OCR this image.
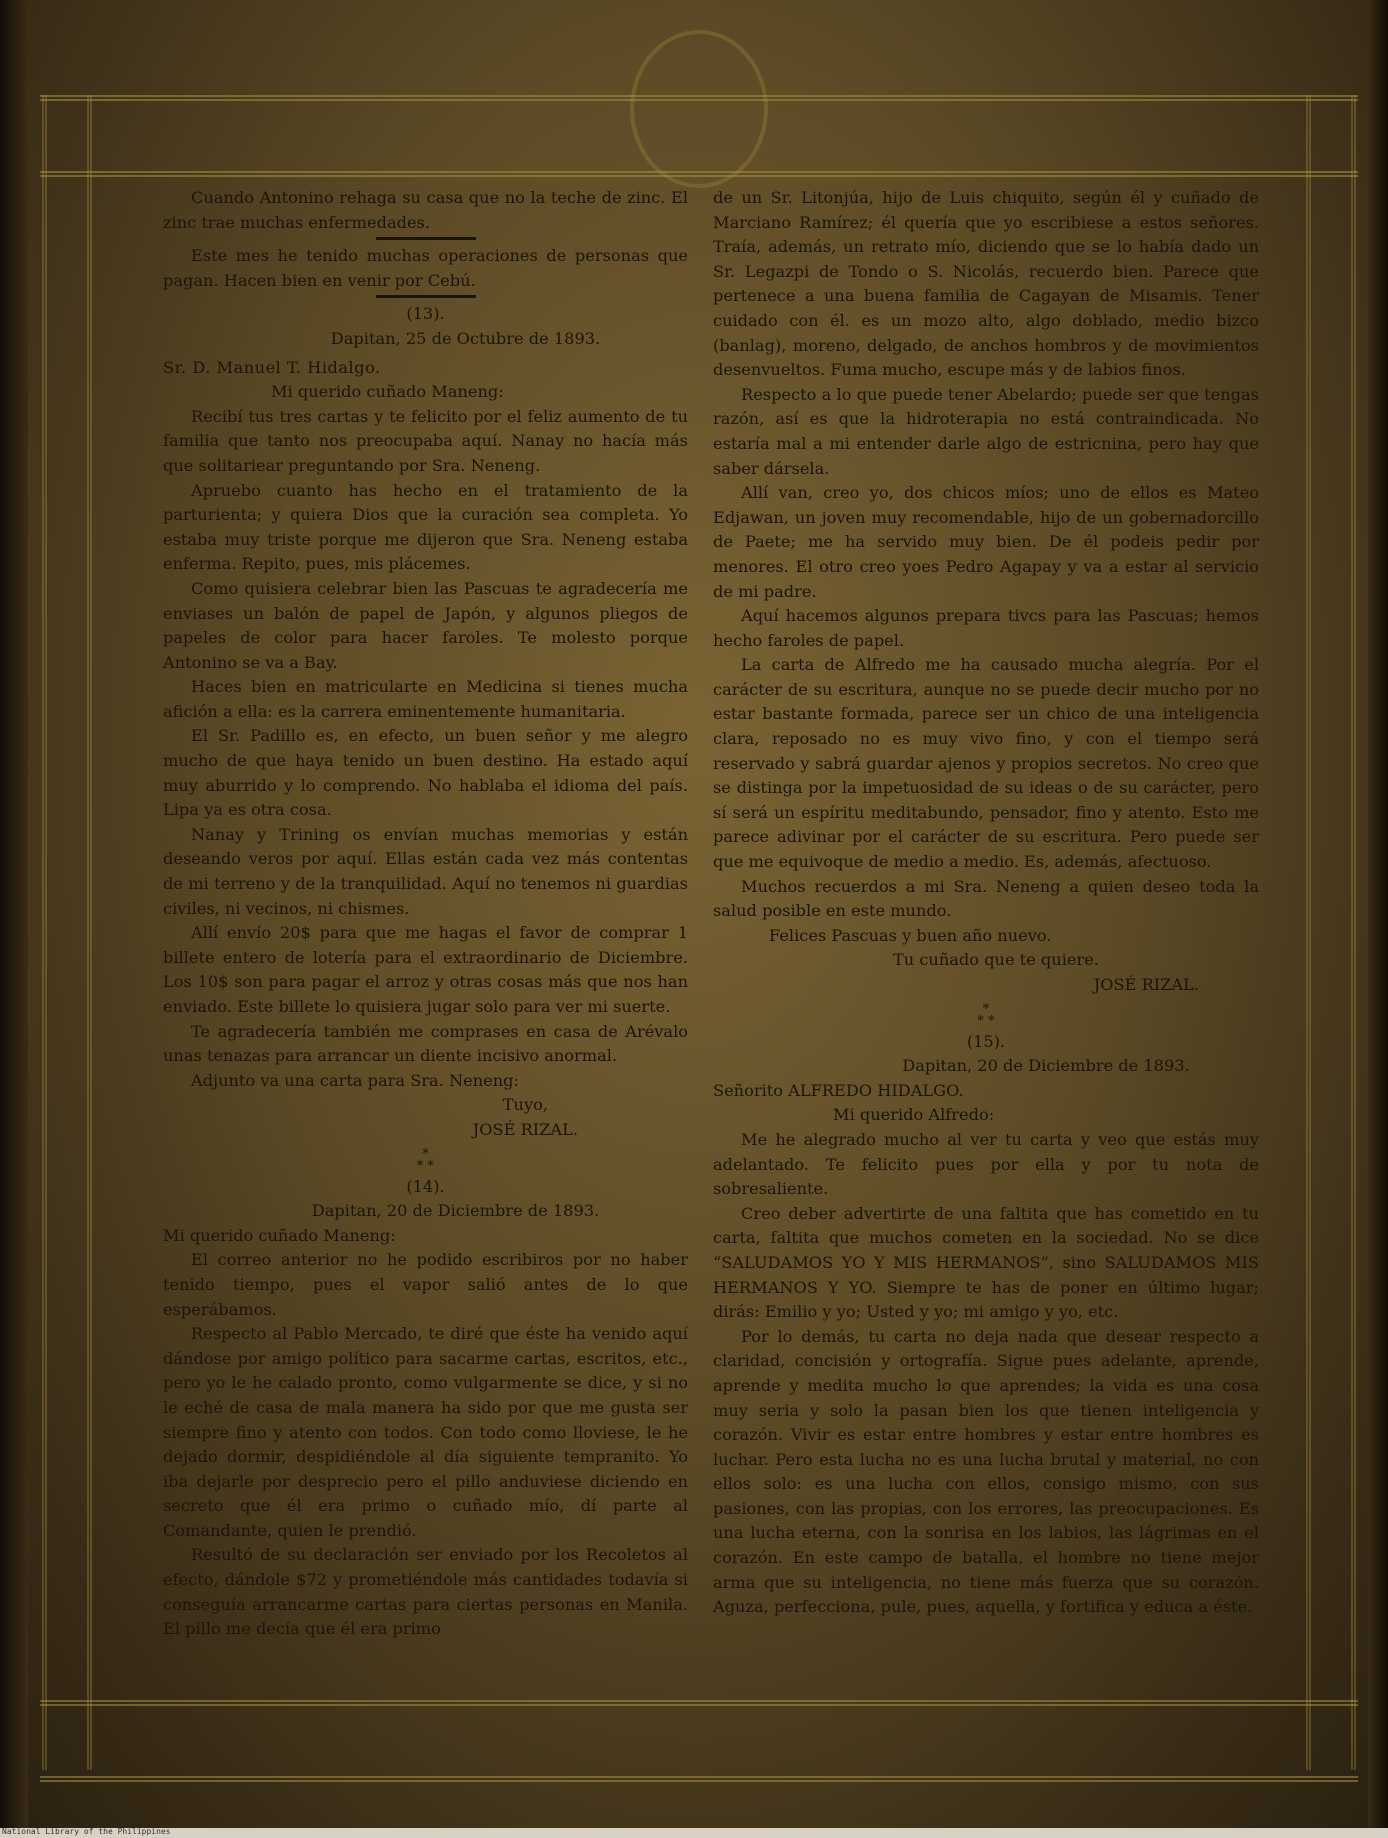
Cuando Antonino rehaga su casa que no la teche de zinc. El zinc trae muchas enfermedades.

Este mes he tenido muchas operaciones de personas que pagan. Hacen bien en venir por Cebú.

(13).

Dapitan, 25 de Octubre de 1893.

Sr. D. Manuel T. Hidalgo.

Mi querido cuñado Maneng:

Recibí tus tres cartas y te felicito por el feliz aumento de tu familia que tanto nos preocupaba aquí. Nanay no hacía más que solitariear preguntando por Sra. Neneng.

Apruebo cuanto has hecho en el tratamiento de la parturienta; y quiera Dios que la curación sea completa. Yo estaba muy triste porque me dijeron que Sra. Neneng estaba enferma. Repito, pues, mis plácemes.

Como quisiera celebrar bien las Pascuas te agradecería me enviases un balón de papel de Japón, y algunos pliegos de papeles de color para hacer faroles. Te molesto porque Antonino se va a Bay.

Haces bien en matricularte en Medicina si tienes mucha afición a ella: es la carrera eminentemente humanitaria.

El Sr. Padillo es, en efecto, un buen señor y me alegro mucho de que haya tenido un buen destino. Ha estado aquí muy aburrido y lo comprendo. No hablaba el idioma del país. Lipa ya es otra cosa.

Nanay y Trining os envían muchas memorias y están deseando veros por aquí. Ellas están cada vez más contentas de mi terreno y de la tranquilidad. Aquí no tenemos ni guardias civiles, ni vecinos, ni chismes.

Allí envío 20$ para que me hagas el favor de comprar 1 billete entero de lotería para el extraordinario de Diciembre. Los 10$ son para pagar el arroz y otras cosas más que nos han enviado. Este billete lo quisiera jugar solo para ver mi suerte.

Te agradecería también me comprases en casa de Arévalo unas tenazas para arrancar un diente incisivo anormal.

Adjunto va una carta para Sra. Neneng:

Tuyo,

JOSÉ RIZAL.

*
* *

(14).

Dapitan, 20 de Diciembre de 1893.

Mi querido cuñado Maneng:

El correo anterior no he podido escribiros por no haber tenido tiempo, pues el vapor salió antes de lo que esperábamos.

Respecto al Pablo Mercado, te diré que éste ha venido aquí dándose por amigo político para sacarme cartas, escritos, etc., pero yo le he calado pronto, como vulgarmente se dice, y si no le eché de casa de mala manera ha sido por que me gusta ser siempre fino y atento con todos. Con todo como lloviese, le he dejado dormir, despidiéndole al día siguiente tempranito. Yo iba dejarle por desprecio pero el pillo anduviese diciendo en secreto que él era primo o cuñado mío, dí parte al Comandante, quien le prendió.

Resultó de su declaración ser enviado por los Recoletos al efecto, dándole $72 y prometiéndole más cantidades todavía si conseguía arrancarme cartas para ciertas personas en Manila. El pillo me decía que él era primo

de un Sr. Litonjúa, hijo de Luis chiquito, según él y cuñado de Marciano Ramírez; él quería que yo escribiese a estos señores. Traía, además, un retrato mío, diciendo que se lo había dado un Sr. Legazpi de Tondo o S. Nicolás, recuerdo bien. Parece que pertenece a una buena familia de Cagayan de Misamis. Tener cuidado con él. es un mozo alto, algo doblado, medio bizco (banlag), moreno, delgado, de anchos hombros y de movimientos desenvueltos. Fuma mucho, escupe más y de labios finos.

Respecto a lo que puede tener Abelardo; puede ser que tengas razón, así es que la hidroterapia no está contraindicada. No estaría mal a mi entender darle algo de estricnina, pero hay que saber dársela.

Allí van, creo yo, dos chicos míos; uno de ellos es Mateo Edjawan, un joven muy recomendable, hijo de un gobernadorcillo de Paete; me ha servido muy bien. De él podeis pedir por menores. El otro creo yoes Pedro Agapay y va a estar al servicio de mi padre.

Aquí hacemos algunos prepara tivcs para las Pascuas; hemos hecho faroles de papel.

La carta de Alfredo me ha causado mucha alegría. Por el carácter de su escritura, aunque no se puede decir mucho por no estar bastante formada, parece ser un chico de una inteligencia clara, reposado no es muy vivo fino, y con el tiempo será reservado y sabrá guardar ajenos y propios secretos. No creo que se distinga por la impetuosidad de su ideas o de su carácter, pero sí será un espíritu meditabundo, pensador, fino y atento. Esto me parece adivinar por el carácter de su escritura. Pero puede ser que me equivoque de medio a medio. Es, además, afectuoso.

Muchos recuerdos a mi Sra. Neneng a quien deseo toda la salud posible en este mundo.

Felices Pascuas y buen año nuevo.

Tu cuñado que te quiere.

JOSÉ RIZAL.

*
* *

(15).

Dapitan, 20 de Diciembre de 1893.

Señorito ALFREDO HIDALGO.

Mi querido Alfredo:

Me he alegrado mucho al ver tu carta y veo que estás muy adelantado. Te felicito pues por ella y por tu nota de sobresaliente.

Creo deber advertirte de una faltita que has cometido en tu carta, faltita que muchos cometen en la sociedad. No se dice “SALUDAMOS YO Y MIS HERMANOS”, sino SALUDAMOS MIS HERMANOS Y YO. Siempre te has de poner en último lugar; dirás: Emilio y yo; Usted y yo; mi amigo y yo, etc.

Por lo demás, tu carta no deja nada que desear respecto a claridad, concisión y ortografía. Sigue pues adelante, aprende, aprende y medita mucho lo que aprendes; la vida es una cosa muy seria y solo la pasan bien los que tienen inteligencia y corazón. Vivir es estar entre hombres y estar entre hombres es luchar. Pero esta lucha no es una lucha brutal y material, no con ellos solo: es una lucha con ellos, consigo mismo, con sus pasiones, con las propias, con los errores, las preocupaciones. Es una lucha eterna, con la sonrisa en los labios, las lágrimas en el corazón. En este campo de batalla, el hombre no tiene mejor arma que su inteligencia, no tiene más fuerza que su corazón. Aguza, perfecciona, pule, pues, aquella, y fortifica y educa a éste.

National Library of the Philippines
